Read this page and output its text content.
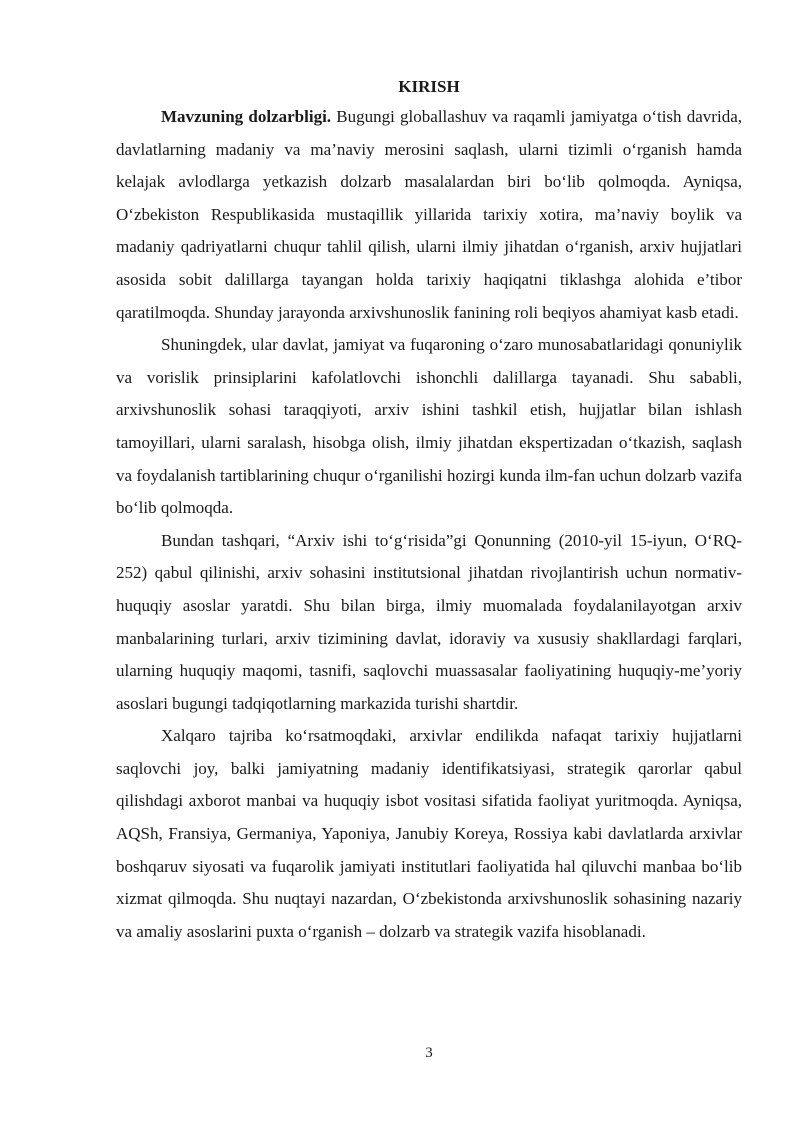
KIRISH

Mavzuning dolzarbligi. Bugungi globallashuv va raqamli jamiyatga o‘tish davrida, davlatlarning madaniy va ma’naviy merosini saqlash, ularni tizimli o‘rganish hamda kelajak avlodlarga yetkazish dolzarb masalalardan biri bo‘lib qolmoqda. Ayniqsa, O‘zbekiston Respublikasida mustaqillik yillarida tarixiy xotira, ma’naviy boylik va madaniy qadriyatlarni chuqur tahlil qilish, ularni ilmiy jihatdan o‘rganish, arxiv hujjatlari asosida sobit dalillarga tayangan holda tarixiy haqiqatni tiklashga alohida e’tibor qaratilmoqda. Shunday jarayonda arxivshunoslik fanining roli beqiyos ahamiyat kasb etadi.

Shuningdek, ular davlat, jamiyat va fuqaroning o‘zaro munosabatlaridagi qonuniylik va vorislik prinsiplarini kafolatlovchi ishonchli dalillarga tayanadi. Shu sababli, arxivshunoslik sohasi taraqqiyoti, arxiv ishini tashkil etish, hujjatlar bilan ishlash tamoyillari, ularni saralash, hisobga olish, ilmiy jihatdan ekspertizadan o‘tkazish, saqlash va foydalanish tartiblarining chuqur o‘rganilishi hozirgi kunda ilm-fan uchun dolzarb vazifa bo‘lib qolmoqda.

Bundan tashqari, “Arxiv ishi to‘g‘risida”gi Qonunning (2010-yil 15-iyun, O‘RQ-252) qabul qilinishi, arxiv sohasini institutsional jihatdan rivojlantirish uchun normativ-huquqiy asoslar yaratdi. Shu bilan birga, ilmiy muomalada foydalanilayotgan arxiv manbalarining turlari, arxiv tizimining davlat, idoraviy va xususiy shakllardagi farqlari, ularning huquqiy maqomi, tasnifi, saqlovchi muassasalar faoliyatining huquqiy-me’yoriy asoslari bugungi tadqiqotlarning markazida turishi shartdir.

Xalqaro tajriba ko‘rsatmoqdaki, arxivlar endilikda nafaqat tarixiy hujjatlarni saqlovchi joy, balki jamiyatning madaniy identifikatsiyasi, strategik qarorlar qabul qilishdagi axborot manbai va huquqiy isbot vositasi sifatida faoliyat yuritmoqda. Ayniqsa, AQSh, Fransiya, Germaniya, Yaponiya, Janubiy Koreya, Rossiya kabi davlatlarda arxivlar boshqaruv siyosati va fuqarolik jamiyati institutlari faoliyatida hal qiluvchi manbaa bo‘lib xizmat qilmoqda. Shu nuqtayi nazardan, O‘zbekistonda arxivshunoslik sohasining nazariy va amaliy asoslarini puxta o‘rganish – dolzarb va strategik vazifa hisoblanadi.

3
